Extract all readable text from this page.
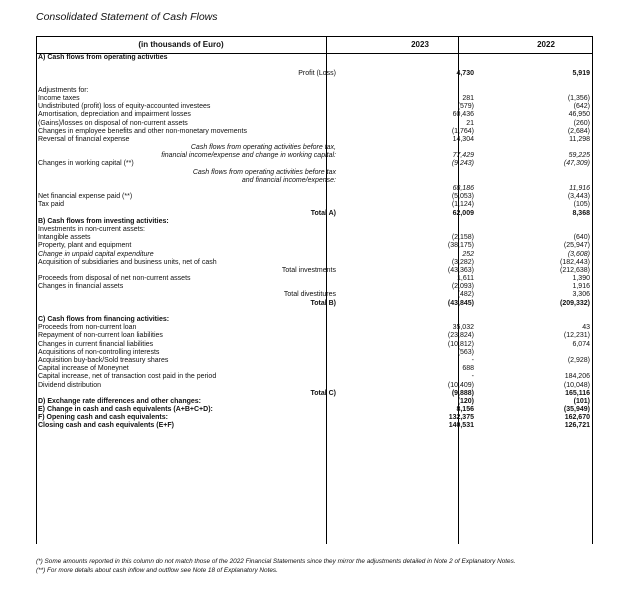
Consolidated Statement of Cash Flows
(in thousands of Euro)	2023	2022
A) Cash flows from operating activities
Profit (Loss)	4,730	5,919
Adjustments for:
Income taxes	281	(1,356)
Undistributed (profit) loss of equity-accounted investees	(579)	(642)
Amortisation, depreciation and impairment losses	60,436	46,950
(Gains)/losses on disposal of non-current assets	21	(260)
Changes in employee benefits and other non-monetary movements	(1,764)	(2,684)
Reversal of financial expense	14,304	11,298
Cash flows from operating activities before tax,
financial income/expense and change in working capital:	77,429	59,225
Changes in working capital (**)	(9,243)	(47,309)
Cash flows from operating activities before tax
and financial income/expense:
68,186	11,916
Net financial expense paid (**)	(5,053)	(3,443)
Tax paid	(1,124)	(105)
Total A)	62,009	8,368
B) Cash flows from investing activities:
Investments in non-current assets:
Intangible assets	(2,158)	(640)
Property, plant and equipment	(38,175)	(25,947)
Change in unpaid capital expenditure	252	(3,608)
Acquisition of subsidiaries and business units, net of cash	(3,282)	(182,443)
Total investments	(43,363)	(212,638)
Proceeds from disposal of net non-current assets	1,611	1,390
Changes in financial assets	(2,093)	1,916
Total divestitures	(482)	3,306
Total B)	(43,845)	(209,332)
C) Cash flows from financing activities:
Proceeds from non-current loan	35,032	43
Repayment of non-current loan liabilities	(23,824)	(12,231)
Changes in current financial liabilities	(10,812)	6,074
Acquisitions of non-controlling interests	(563)
Acquisition buy-back/Sold treasury shares	-	(2,928)
Capital increase of Moneynet	688
Capital increase, net of transaction cost paid in the period	-	184,206
Dividend distribution	(10,409)	(10,048)
Total C)	(9,888)	165,116
D) Exchange rate differences and other changes:	(120)	(101)
E) Change in cash and cash equivalents (A+B+C+D):	8,156	(35,949)
F) Opening cash and cash equivalents:	132,375	162,670
Closing cash and cash equivalents (E+F)	140,531	126,721
(*) Some amounts reported in this column do not match those of the 2022 Financial Statements since they mirror the adjustments detailed in Note 2 of Explanatory Notes.
(**) For more details about cash inflow and outflow see Note 18 of Explanatory Notes.
